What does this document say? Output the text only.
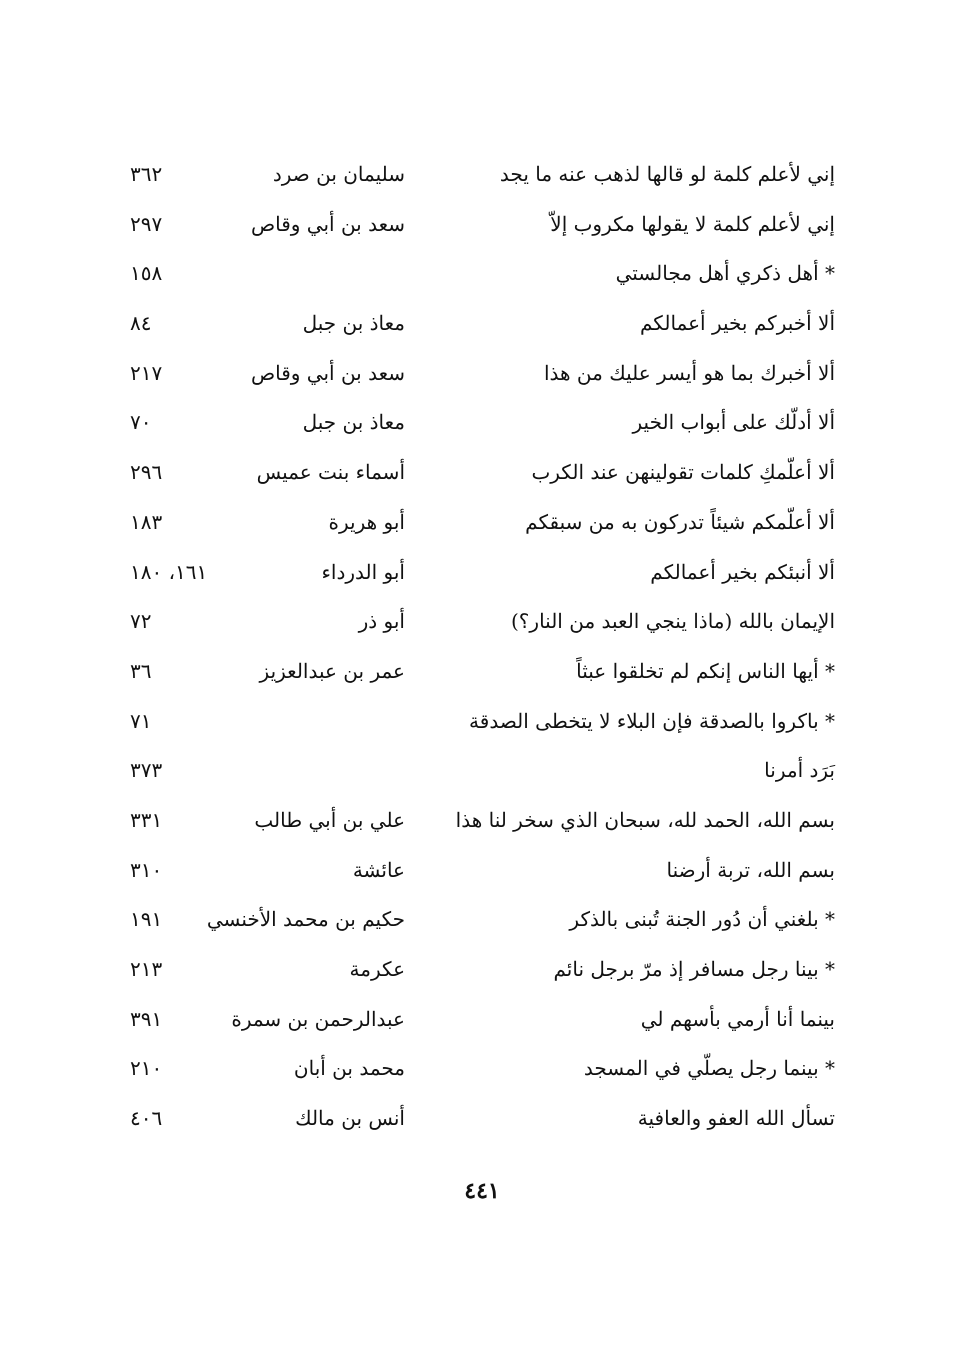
إني لأعلم كلمة لو قالها لذهب عنه ما يجد
سليمان بن صرد
٣٦٢
إني لأعلم كلمة لا يقولها مكروب إلاّ
سعد بن أبي وقاص
٢٩٧
* أهل ذكري أهل مجالستي
١٥٨
ألا أخبركم بخير أعمالكم
معاذ بن جبل
٨٤
ألا أخبرك بما هو أيسر عليك من هذا
سعد بن أبي وقاص
٢١٧
ألا أدلّك على أبواب الخير
معاذ بن جبل
٧٠
ألا أعلّمكِ كلمات تقولينهن عند الكرب
أسماء بنت عميس
٢٩٦
ألا أعلّمكم شيئاً تدركون به من سبقكم
أبو هريرة
١٨٣
ألا أنبئكم بخير أعمالكم
أبو الدرداء
١٦١، ١٨٠
الإيمان بالله (ماذا ينجي العبد من النار؟)
أبو ذر
٧٢
* أيها الناس إنكم لم تخلقوا عبثاً
عمر بن عبدالعزيز
٣٦
* باكروا بالصدقة فإن البلاء لا يتخطى الصدقة
٧١
بَرَد أمرنا
٣٧٣
بسم الله، الحمد لله، سبحان الذي سخر لنا هذا
علي بن أبي طالب
٣٣١
بسم الله، تربة أرضنا
عائشة
٣١٠
* بلغني أن دُور الجنة تُبنى بالذكر
حكيم بن محمد الأخنسي
١٩١
* بينا رجل مسافر إذ مرّ برجل نائم
عكرمة
٢١٣
بينما أنا أرمي بأسهم لي
عبدالرحمن بن سمرة
٣٩١
* بينما رجل يصلّي في المسجد
محمد بن أبان
٢١٠
تسأل الله العفو والعافية
أنس بن مالك
٤٠٦
٤٤١
